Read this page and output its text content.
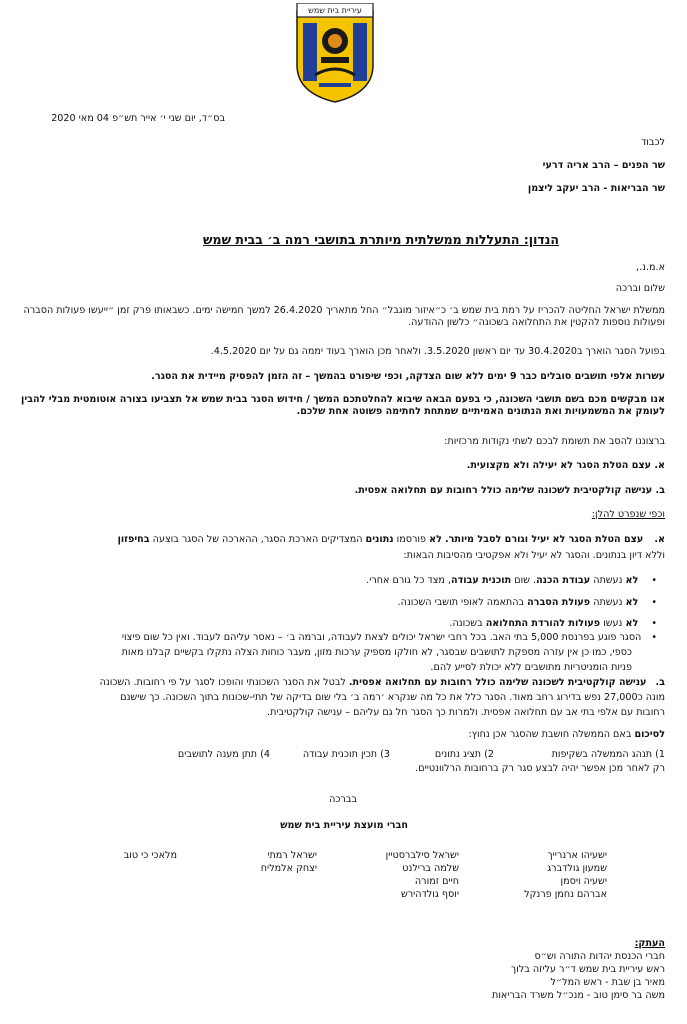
עיריית בית שמש
בס״ד, יום שני י׳ אייר תש״פ 04 מאי 2020
לכבוד
שר הפנים – הרב אריה דרעי
שר הבריאות - הרב יעקב ליצמן
הנדון: התעללות ממשלתית מיותרת בתושבי רמה ב׳ בבית שמש
א.מ.נ.,
שלום וברכה
ממשלת ישראל החליטה להכריז על רמת בית שמש ב׳ כ״איזור מוגבל״ החל מתאריך 26.4.2020 למשך חמישה ימים. כשבאותו פרק זמן ״ייעשו פעולות הסברה ופעולות נוספות להקטין את התחלואה בשכונה״ כלשון ההודעה.
בפועל הסגר הוארך ב30.4.2020 עד יום ראשון 3.5.2020. ולאחר מכן הוארך בעוד יממה גם על יום 4.5.2020.
עשרות אלפי תושבים סובלים כבר 9 ימים ללא שום הצדקה, וכפי שיפורט בהמשך – זה הזמן להפסיק מיידית את הסגר.
אנו מבקשים מכם בשם תושבי השכונה, כי בפעם הבאה שיבוא להחלטתכם המשך / חידוש הסגר בבית שמש אל תצביעו בצורה אוטומטית מבלי להבין לעומק את המשמעויות ואת הנתונים האמיתיים שמתחת לחתימה פשוטה אחת שלכם.
ברצוננו להסב את תשומת לבכם לשתי נקודות מרכזיות:
א. עצם הטלת הסגר לא יעילה ולא מקצועית.
ב. ענישה קולקטיבית לשכונה שלימה כולל רחובות עם תחלואה אפסית.
וכפי שנפרט להלן:
א. עצם הטלת הסגר לא יעיל וגורם לסבל מיותר. לא פורסמו נתונים המצדיקים הארכת הסגר, ההארכה של הסגר בוצעה בחיפזון
וללא דיון בנתונים. והסגר לא יעיל ולא אפקטיבי מהסיבות הבאות:
• לא נעשתה עבודת הכנה. שום תוכנית עבודה, מצד כל גורם אחרי.
• לא נעשתה פעולת הסברה בהתאמה לאופי תושבי השכונה.
• לא נעשו פעולות להורדת התחלואה בשכונה.
• הסגר פוגע בפרנסת 5,000 בתי האב. בכל רחבי ישראל יכולים לצאת לעבודה, וברמה ב׳ – נאסר עליהם לעבוד. ואין כל שום פיצוי
כספי, כמו כן אין עזרה מספקת לתושבים שבסגר, לא חולקו מספיק ערכות מזון, מעבר כוחות הצלה נתקלו בקשיים קבלנו מאות
פניות הומניטריות מתושבים ללא יכולת לסייע להם.
ב. ענישה קולקטיבית לשכונה שלימה כולל רחובות עם תחלואה אפסית. לבטל את הסגר השכונתי והופכו לסגר על פי רחובות. השכונה
מונה כ27,000 נפש בדירוג רחב מאוד. הסגר כלל את כל מה שנקרא ׳רמה ב׳ בלי שום בדיקה של תתי-שכונות בתוך השכונה. כך שישנם
רחובות עם אלפי בתי אב עם תחלואה אפסית. ולמרות כך הסגר חל גם עליהם – ענישה קולקטיבית.
לסיכום באם הממשלה חושבת שהסגר אכן נחוץ:
1) תנהג הממשלה בשקיפות
2) תציג נתונים
3) תכין תוכנית עבודה
4) תתן מענה לתושבים
רק לאחר מכן אפשר יהיה לבצע סגר רק ברחובות הרלוונטיים.
בברכה
חברי מועצת עיריית בית שמש
ישעיהו ארנרייך
שמעון גולדברג
ישעיה ויסמן
אברהם נחמן פרנקל
ישראל סילברסטיין
שלמה ברילנט
חיים זמורה
יוסף גולדהירש
ישראל רמתי
יצחק אלמליח
מלאכי כי טוב
העתק:
חברי הכנסת יהדות התורה וש״ס
ראש עיריית בית שמש ד״ר עליזה בלוך
מאיר בן שבת - ראש המל״ל
משה בר סימן טוב - מנכ״ל משרד הבריאות
